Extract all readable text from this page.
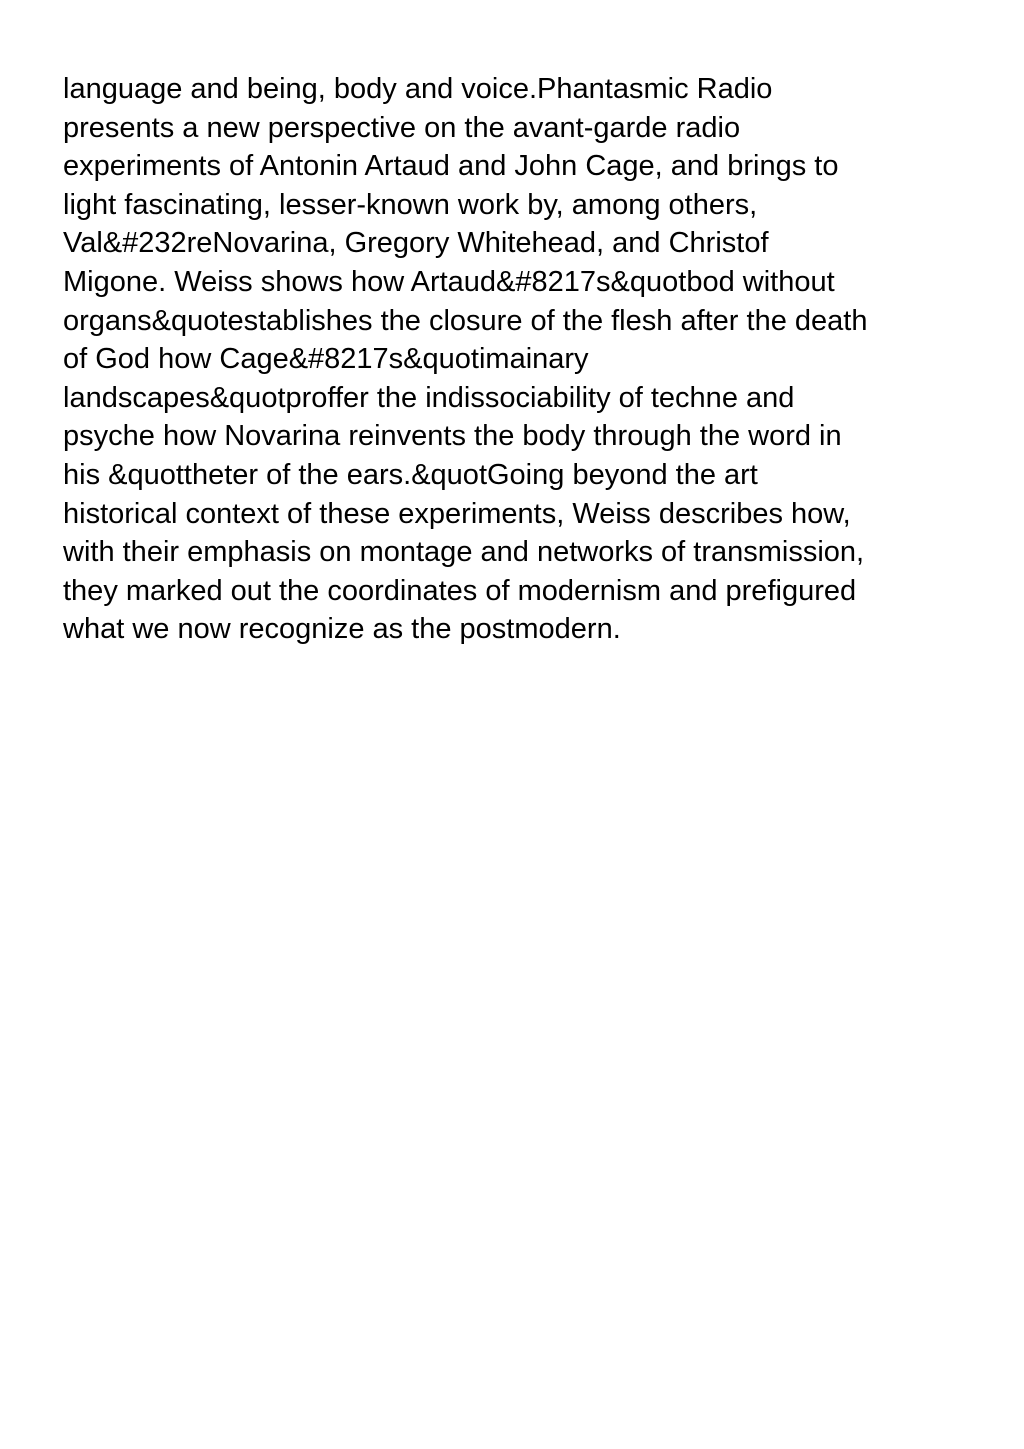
language and being, body and voice.Phantasmic Radio
presents a new perspective on the avant-garde radio
experiments of Antonin Artaud and John Cage, and brings to
light fascinating, lesser-known work by, among others,
Val&#232reNovarina, Gregory Whitehead, and Christof
Migone. Weiss shows how Artaud&#8217s&quotbod without
organs&quotestablishes the closure of the flesh after the death
of God how Cage&#8217s&quotimainary
landscapes&quotproffer the indissociability of techne and
psyche how Novarina reinvents the body through the word in
his &quottheter of the ears.&quotGoing beyond the art
historical context of these experiments, Weiss describes how,
with their emphasis on montage and networks of transmission,
they marked out the coordinates of modernism and prefigured
what we now recognize as the postmodern.
